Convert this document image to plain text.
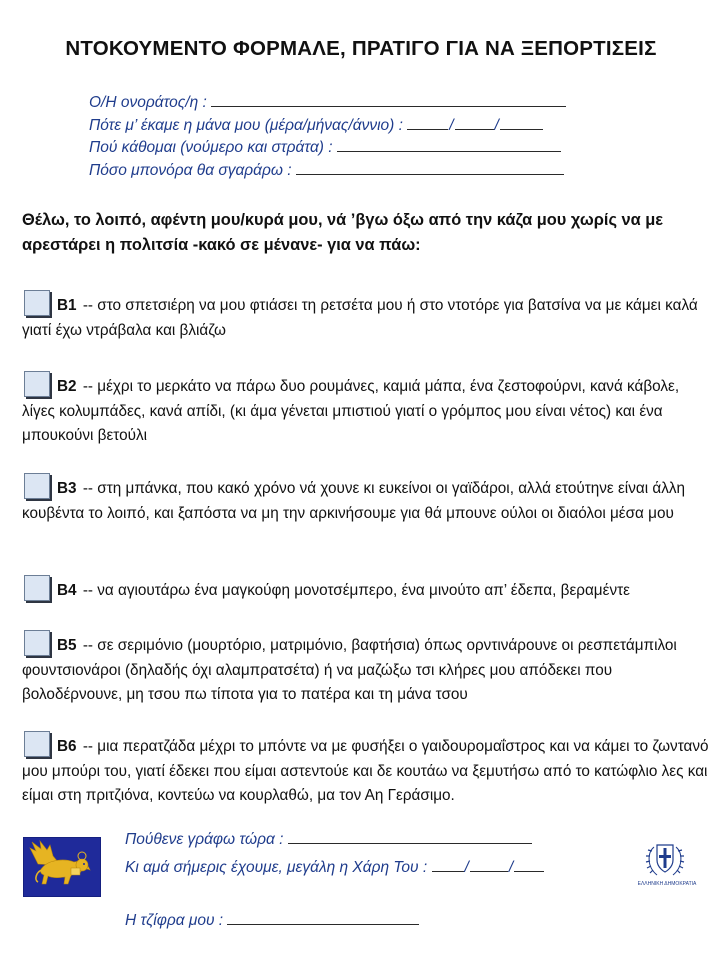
ΝΤΟΚΟΥΜΕΝΤΟ ΦΟΡΜΑΛΕ, ΠΡΑΤΙΓΟ ΓΙΑ ΝΑ ΞΕΠΟΡΤΙΣΕΙΣ
Ο/Η ονοράτος/η :
Πότε μ’ έκαμε η μάνα μου (μέρα/μήνας/άννιο) :	/	/
Πού κάθομαι (νούμερο και στράτα) :
Πόσο μπονόρα θα σγαράρω :
Θέλω, το λοιπό, αφέντη μου/κυρά μου, νά ’βγω όξω από την κάζα μου χωρίς να με αρεστάρει η πολιτσία -κακό σε μένανε- για να πάω:
Β1 -- στο σπετσιέρη να μου φτιάσει τη ρετσέτα μου ή στο ντοτόρε για βατσίνα να με κάμει καλά γιατί έχω ντράβαλα και βλιάζω
Β2 -- μέχρι το μερκάτο να πάρω δυο ρουμάνες, καμιά μάπα, ένα ζεστοφούρνι, κανά κάβολε, λίγες κολυμπάδες, κανά απίδι, (κι άμα γένεται μπιστιού γιατί ο γρόμπος μου είναι νέτος) και ένα μπουκούνι βετούλι
Β3 -- στη μπάνκα, που κακό χρόνο νά χουνε κι ευκείνοι οι γαϊδάροι, αλλά ετούτηνε είναι άλλη κουβέντα το λοιπό, και ξαπόστα να μη την αρκινήσουμε για θά μπουνε ούλοι οι διαόλοι μέσα μου
Β4 -- να αγιουτάρω ένα μαγκούφη μονοτσέμπερο, ένα μινούτο απ’ έδεπα, βεραμέντε
Β5 -- σε σεριμόνιο (μουρτόριο, ματριμόνιο, βαφτήσια) όπως ορντινάρουνε οι ρεσπετάμπιλοι φουντσιονάροι (δηλαδής όχι αλαμπρατσέτα) ή να μαζώξω τσι κλήρες μου απόδεκει που βολοδέρνουνε, μη τσου πω τίποτα για το πατέρα και τη μάνα τσου
Β6 -- μια περατζάδα μέχρι το μπόντε να με φυσήξει ο γαιδουρομαΐστρος και να κάμει το ζωντανό μου μπούρι του, γιατί έδεκει που είμαι αστεντούε και δε κουτάω να ξεμυτήσω από το κατώφλιο λες και είμαι στη πριτζιόνα, κοντεύω να κουρλαθώ, μα τον Αη Γεράσιμο.
Πούθενε γράφω τώρα :
Κι αμά σήμερις έχουμε, μεγάλη η Χάρη Του : /	/
Η τζίφρα μου :
ΕΛΛΗΝΙΚΗ ΔΗΜΟΚΡΑΤΙΑ
